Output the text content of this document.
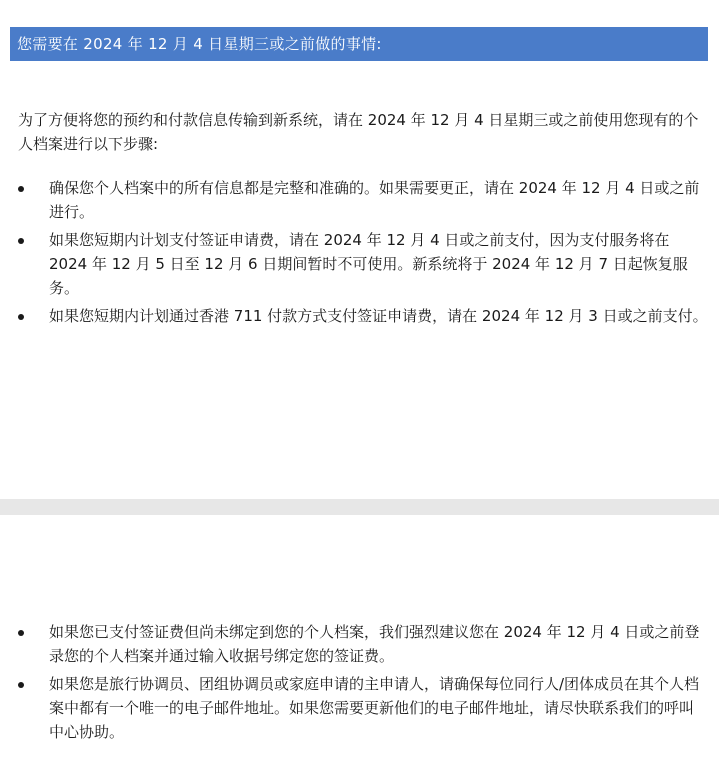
您需要在 2024 年 12 月 4 日星期三或之前做的事情:

为了方便将您的预约和付款信息传输到新系统，请在 2024 年 12 月 4 日星期三或之前使用您现有的个人档案进行以下步骤:

确保您个人档案中的所有信息都是完整和准确的。如果需要更正，请在 2024 年 12 月 4 日或之前进行。
如果您短期内计划支付签证申请费，请在 2024 年 12 月 4 日或之前支付，因为支付服务将在 2024 年 12 月 5 日至 12 月 6 日期间暂时不可使用。新系统将于 2024 年 12 月 7 日起恢复服务。
如果您短期内计划通过香港 711 付款方式支付签证申请费，请在 2024 年 12 月 3 日或之前支付。
如果您已支付签证费但尚未绑定到您的个人档案，我们强烈建议您在 2024 年 12 月 4 日或之前登录您的个人档案并通过输入收据号绑定您的签证费。
如果您是旅行协调员、团组协调员或家庭申请的主申请人，请确保每位同行人/团体成员在其个人档案中都有一个唯一的电子邮件地址。如果您需要更新他们的电子邮件地址，请尽快联系我们的呼叫中心协助。
